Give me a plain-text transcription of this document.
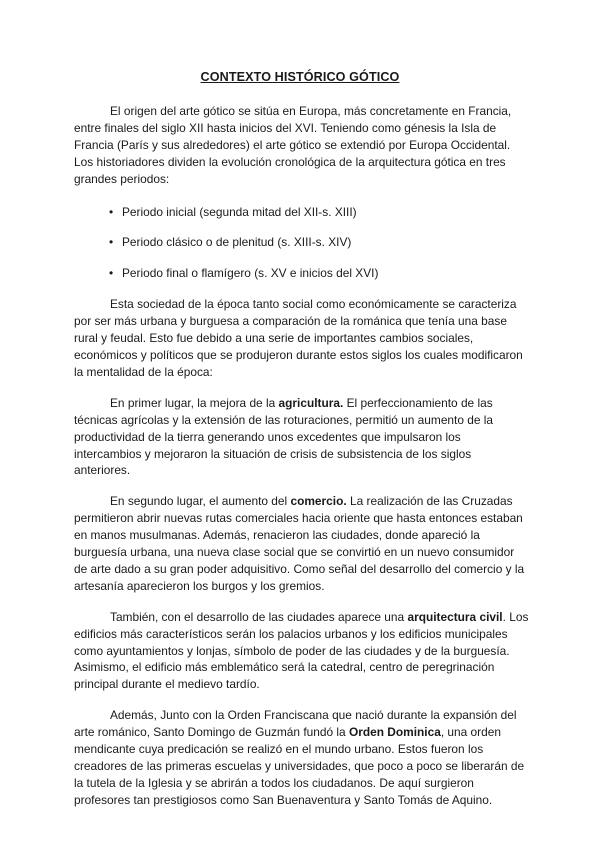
CONTEXTO HISTÓRICO GÓTICO

El origen del arte gótico se sitúa en Europa, más concretamente en Francia, entre finales del siglo XII hasta inicios del XVI. Teniendo como génesis la Isla de Francia (París y sus alrededores) el arte gótico se extendió por Europa Occidental. Los historiadores dividen la evolución cronológica de la arquitectura gótica en tres grandes periodos:

• Periodo inicial (segunda mitad del XII-s. XIII)
• Periodo clásico o de plenitud (s. XIII-s. XIV)
• Periodo final o flamígero (s. XV e inicios del XVI)

Esta sociedad de la época tanto social como económicamente se caracteriza por ser más urbana y burguesa a comparación de la románica que tenía una base rural y feudal. Esto fue debido a una serie de importantes cambios sociales, económicos y políticos que se produjeron durante estos siglos los cuales modificaron la mentalidad de la época:

En primer lugar, la mejora de la agricultura. El perfeccionamiento de las técnicas agrícolas y la extensión de las roturaciones, permitió un aumento de la productividad de la tierra generando unos excedentes que impulsaron los intercambios y mejoraron la situación de crisis de subsistencia de los siglos anteriores.

En segundo lugar, el aumento del comercio. La realización de las Cruzadas permitieron abrir nuevas rutas comerciales hacia oriente que hasta entonces estaban en manos musulmanas. Además, renacieron las ciudades, donde apareció la burguesía urbana, una nueva clase social que se convirtió en un nuevo consumidor de arte dado a su gran poder adquisitivo. Como señal del desarrollo del comercio y la artesanía aparecieron los burgos y los gremios.

También, con el desarrollo de las ciudades aparece una arquitectura civil. Los edificios más característicos serán los palacios urbanos y los edificios municipales como ayuntamientos y lonjas, símbolo de poder de las ciudades y de la burguesía. Asimismo, el edificio más emblemático será la catedral, centro de peregrinación principal durante el medievo tardío.

Además, Junto con la Orden Franciscana que nació durante la expansión del arte románico, Santo Domingo de Guzmán fundó la Orden Dominica, una orden mendicante cuya predicación se realizó en el mundo urbano. Estos fueron los creadores de las primeras escuelas y universidades, que poco a poco se liberarán de la tutela de la Iglesia y se abrirán a todos los ciudadanos. De aquí surgieron profesores tan prestigiosos como San Buenaventura y Santo Tomás de Aquino.
